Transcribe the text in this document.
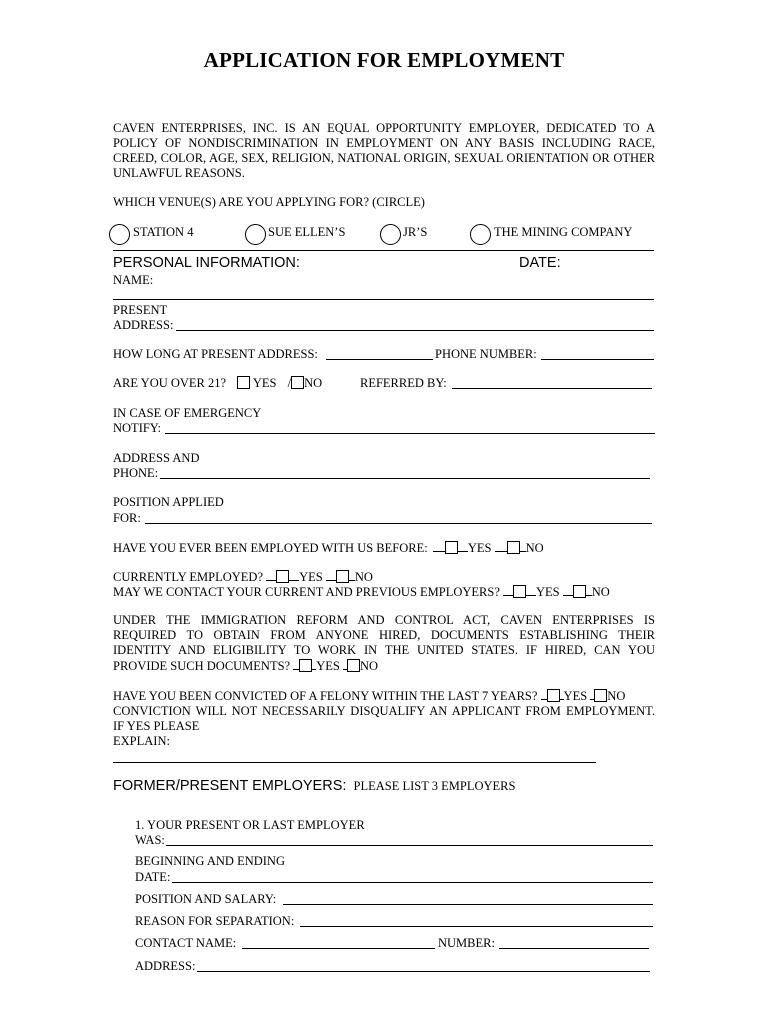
APPLICATION FOR EMPLOYMENT
CAVEN ENTERPRISES, INC. IS AN EQUAL OPPORTUNITY EMPLOYER, DEDICATED TO A POLICY OF NONDISCRIMINATION IN EMPLOYMENT ON ANY BASIS INCLUDING RACE, CREED, COLOR, AGE, SEX, RELIGION, NATIONAL ORIGIN, SEXUAL ORIENTATION OR OTHER UNLAWFUL REASONS.
WHICH VENUE(S) ARE YOU APPLYING FOR? (CIRCLE)
STATION 4	SUE ELLEN’S	JR’S	THE MINING COMPANY
PERSONAL INFORMATION:	DATE:
NAME:
PRESENT
ADDRESS:
HOW LONG AT PRESENT ADDRESS:	PHONE NUMBER:
ARE YOU OVER 21? YES / NO	REFERRED BY:
IN CASE OF EMERGENCY
NOTIFY:
ADDRESS AND
PHONE:
POSITION APPLIED
FOR:
HAVE YOU EVER BEEN EMPLOYED WITH US BEFORE:	YES	NO
CURRENTLY EMPLOYED?	YES	NO
MAY WE CONTACT YOUR CURRENT AND PREVIOUS EMPLOYERS?	YES	NO
UNDER THE IMMIGRATION REFORM AND CONTROL ACT, CAVEN ENTERPRISES IS REQUIRED TO OBTAIN FROM ANYONE HIRED, DOCUMENTS ESTABLISHING THEIR IDENTITY AND ELIGIBILITY TO WORK IN THE UNITED STATES. IF HIRED, CAN YOU PROVIDE SUCH DOCUMENTS? YES NO
HAVE YOU BEEN CONVICTED OF A FELONY WITHIN THE LAST 7 YEARS? YES NO
CONVICTION WILL NOT NECESSARILY DISQUALIFY AN APPLICANT FROM EMPLOYMENT.
IF YES PLEASE
EXPLAIN:
FORMER/PRESENT EMPLOYERS: PLEASE LIST 3 EMPLOYERS
1. YOUR PRESENT OR LAST EMPLOYER
WAS:
BEGINNING AND ENDING
DATE:
POSITION AND SALARY:
REASON FOR SEPARATION:
CONTACT NAME:	NUMBER:
ADDRESS:
